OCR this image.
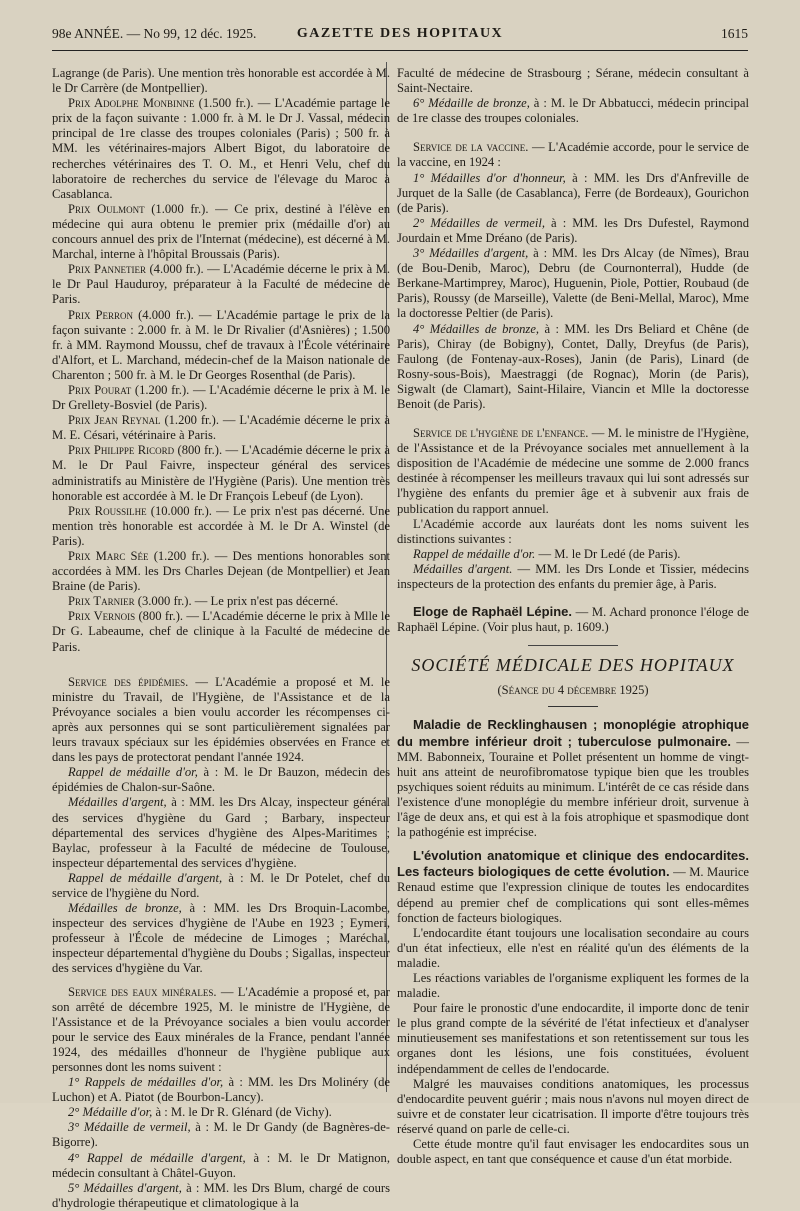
98e ANNÉE. — No 99, 12 déc. 1925.	GAZETTE DES HOPITAUX	1615

Lagrange (de Paris). Une mention très honorable est accordée à M. le Dr Carrère (de Montpellier).

Prix Adolphe Monbinne (1.500 fr.). — L'Académie partage le prix de la façon suivante : 1.000 fr. à M. le Dr J. Vassal, médecin principal de 1re classe des troupes coloniales (Paris) ; 500 fr. à MM. les vétérinaires-majors Albert Bigot, du laboratoire de recherches vétérinaires des T. O. M., et Henri Velu, chef du laboratoire de recherches du service de l'élevage du Maroc à Casablanca.

Prix Oulmont (1.000 fr.). — Ce prix, destiné à l'élève en médecine qui aura obtenu le premier prix (médaille d'or) au concours annuel des prix de l'Internat (médecine), est décerné à M. Marchal, interne à l'hôpital Broussais (Paris).

Prix Pannetier (4.000 fr.). — L'Académie décerne le prix à M. le Dr Paul Hauduroy, préparateur à la Faculté de médecine de Paris.

Prix Perron (4.000 fr.). — L'Académie partage le prix de la façon suivante : 2.000 fr. à M. le Dr Rivalier (d'Asnières) ; 1.500 fr. à MM. Raymond Moussu, chef de travaux à l'École vétérinaire d'Alfort, et L. Marchand, médecin-chef de la Maison nationale de Charenton ; 500 fr. à M. le Dr Georges Rosenthal (de Paris).

Prix Pourat (1.200 fr.). — L'Académie décerne le prix à M. le Dr Grellety-Bosviel (de Paris).

Prix Jean Reynal (1.200 fr.). — L'Académie décerne le prix à M. E. Césari, vétérinaire à Paris.

Prix Philippe Ricord (800 fr.). — L'Académie décerne le prix à M. le Dr Paul Faivre, inspecteur général des services administratifs au Ministère de l'Hygiène (Paris). Une mention très honorable est accordée à M. le Dr François Lebeuf (de Lyon).

Prix Roussilhe (10.000 fr.). — Le prix n'est pas décerné. Une mention très honorable est accordée à M. le Dr A. Winstel (de Paris).

Prix Marc Sée (1.200 fr.). — Des mentions honorables sont accordées à MM. les Drs Charles Dejean (de Montpellier) et Jean Braine (de Paris).

Prix Tarnier (3.000 fr.). — Le prix n'est pas décerné.

Prix Vernois (800 fr.). — L'Académie décerne le prix à Mlle le Dr G. Labeaume, chef de clinique à la Faculté de médecine de Paris.

Service des épidémies. — L'Académie a proposé et M. le ministre du Travail, de l'Hygiène, de l'Assistance et de la Prévoyance sociales a bien voulu accorder les récompenses ci-après aux personnes qui se sont particulièrement signalées par leurs travaux spéciaux sur les épidémies observées en France et dans les pays de protectorat pendant l'année 1924.

Rappel de médaille d'or, à : M. le Dr Bauzon, médecin des épidémies de Chalon-sur-Saône.

Médailles d'argent, à : MM. les Drs Alcay, inspecteur général des services d'hygiène du Gard ; Barbary, inspecteur départemental des services d'hygiène des Alpes-Maritimes ; Baylac, professeur à la Faculté de médecine de Toulouse, inspecteur départemental des services d'hygiène.

Rappel de médaille d'argent, à : M. le Dr Potelet, chef du service de l'hygiène du Nord.

Médailles de bronze, à : MM. les Drs Broquin-Lacombe, inspecteur des services d'hygiène de l'Aube en 1923 ; Eymeri, professeur à l'École de médecine de Limoges ; Maréchal, inspecteur départemental d'hygiène du Doubs ; Sigallas, inspecteur des services d'hygiène du Var.

Service des eaux minérales. — L'Académie a proposé et, par son arrêté de décembre 1925, M. le ministre de l'Hygiène, de l'Assistance et de la Prévoyance sociales a bien voulu accorder pour le service des Eaux minérales de la France, pendant l'année 1924, des médailles d'honneur de l'hygiène publique aux personnes dont les noms suivent :

1° Rappels de médailles d'or, à : MM. les Drs Molinéry (de Luchon) et A. Piatot (de Bourbon-Lancy).

2° Médaille d'or, à : M. le Dr R. Glénard (de Vichy).

3° Médaille de vermeil, à : M. le Dr Gandy (de Bagnères-de-Bigorre).

4° Rappel de médaille d'argent, à : M. le Dr Matignon, médecin consultant à Châtel-Guyon.

5° Médailles d'argent, à : MM. les Drs Blum, chargé de cours d'hydrologie thérapeutique et climatologique à la

Faculté de médecine de Strasbourg ; Sérane, médecin consultant à Saint-Nectaire.

6° Médaille de bronze, à : M. le Dr Abbatucci, médecin principal de 1re classe des troupes coloniales.

Service de la vaccine. — L'Académie accorde, pour le service de la vaccine, en 1924 :

1° Médailles d'or d'honneur, à : MM. les Drs d'Anfreville de Jurquet de la Salle (de Casablanca), Ferre (de Bordeaux), Gourichon (de Paris).

2° Médailles de vermeil, à : MM. les Drs Dufestel, Raymond Jourdain et Mme Dréano (de Paris).

3° Médailles d'argent, à : MM. les Drs Alcay (de Nîmes), Brau (de Bou-Denib, Maroc), Debru (de Cournonterral), Hudde (de Berkane-Martimprey, Maroc), Huguenin, Piole, Pottier, Roubaud (de Paris), Roussy (de Marseille), Valette (de Beni-Mellal, Maroc), Mme la doctoresse Peltier (de Paris).

4° Médailles de bronze, à : MM. les Drs Beliard et Chêne (de Paris), Chiray (de Bobigny), Contet, Dally, Dreyfus (de Paris), Faulong (de Fontenay-aux-Roses), Janin (de Paris), Linard (de Rosny-sous-Bois), Maestraggi (de Rognac), Morin (de Paris), Sigwalt (de Clamart), Saint-Hilaire, Viancin et Mlle la doctoresse Benoit (de Paris).

Service de l'hygiène de l'enfance. — M. le ministre de l'Hygiène, de l'Assistance et de la Prévoyance sociales met annuellement à la disposition de l'Académie de médecine une somme de 2.000 francs destinée à récompenser les meilleurs travaux qui lui sont adressés sur l'hygiène des enfants du premier âge et à subvenir aux frais de publication du rapport annuel.

L'Académie accorde aux lauréats dont les noms suivent les distinctions suivantes :

Rappel de médaille d'or. — M. le Dr Ledé (de Paris).

Médailles d'argent. — MM. les Drs Londe et Tissier, médecins inspecteurs de la protection des enfants du premier âge, à Paris.

Eloge de Raphaël Lépine. — M. Achard prononce l'éloge de Raphaël Lépine. (Voir plus haut, p. 1609.)

SOCIÉTÉ MÉDICALE DES HOPITAUX
(Séance du 4 décembre 1925)

Maladie de Recklinghausen ; monoplégie atrophique du membre inférieur droit ; tuberculose pulmonaire. — MM. Babonneix, Touraine et Pollet présentent un homme de vingt-huit ans atteint de neurofibromatose typique bien que les troubles psychiques soient réduits au minimum. L'intérêt de ce cas réside dans l'existence d'une monoplégie du membre inférieur droit, survenue à l'âge de deux ans, et qui est à la fois atrophique et spasmodique dont la pathogénie est imprécise.

L'évolution anatomique et clinique des endocardites. Les facteurs biologiques de cette évolution. — M. Maurice Renaud estime que l'expression clinique de toutes les endocardites dépend au premier chef de complications qui sont elles-mêmes fonction de facteurs biologiques.

L'endocardite étant toujours une localisation secondaire au cours d'un état infectieux, elle n'est en réalité qu'un des éléments de la maladie.

Les réactions variables de l'organisme expliquent les formes de la maladie.

Pour faire le pronostic d'une endocardite, il importe donc de tenir le plus grand compte de la sévérité de l'état infectieux et d'analyser minutieusement ses manifestations et son retentissement sur tous les organes dont les lésions, une fois constituées, évoluent indépendamment de celles de l'endocarde.

Malgré les mauvaises conditions anatomiques, les processus d'endocardite peuvent guérir ; mais nous n'avons nul moyen direct de suivre et de constater leur cicatrisation. Il importe d'être toujours très réservé quand on parle de celle-ci.

Cette étude montre qu'il faut envisager les endocardites sous un double aspect, en tant que conséquence et cause d'un état morbide.
